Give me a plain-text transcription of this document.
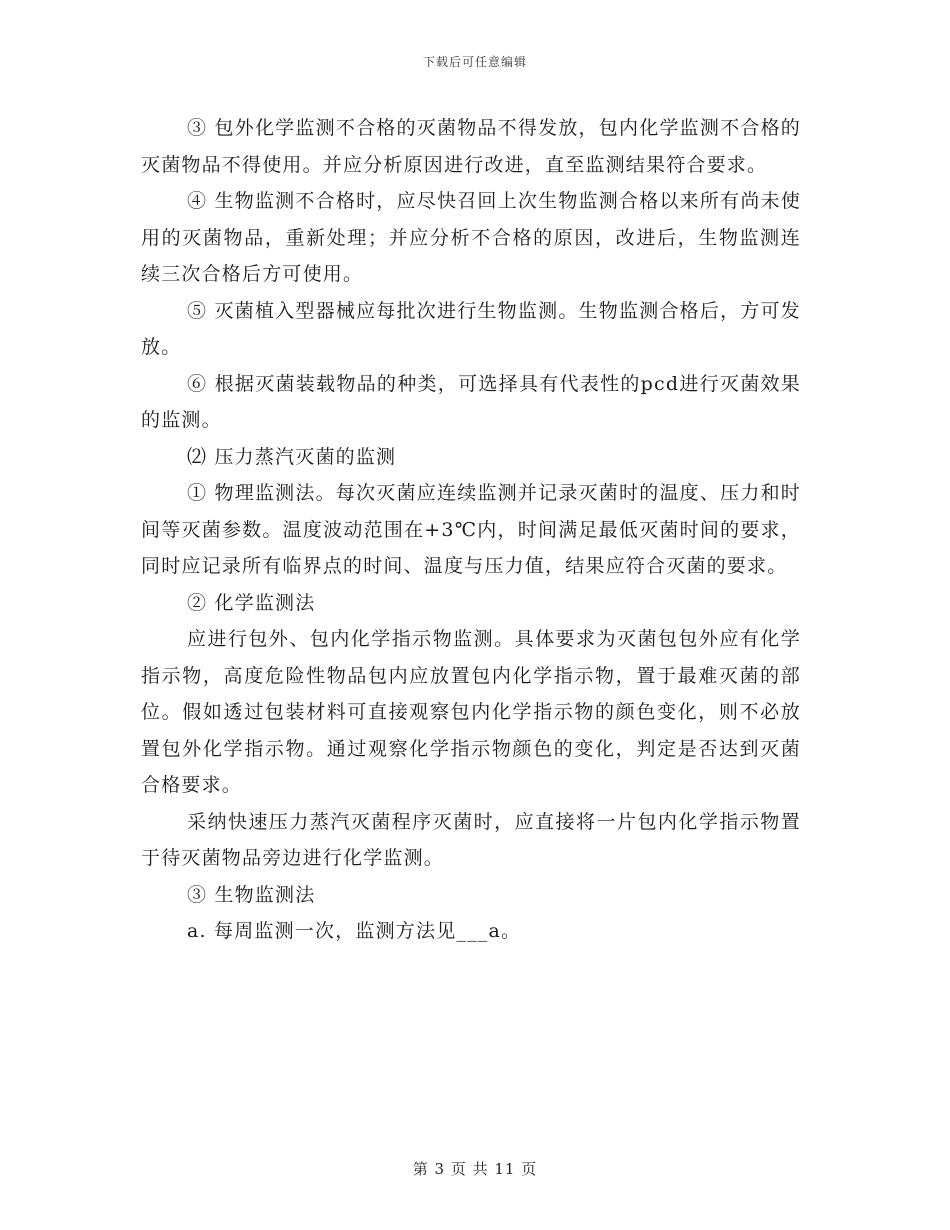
下载后可任意编辑

③ 包外化学监测不合格的灭菌物品不得发放，包内化学监测不合格的灭菌物品不得使用。并应分析原因进行改进，直至监测结果符合要求。

④ 生物监测不合格时，应尽快召回上次生物监测合格以来所有尚未使用的灭菌物品，重新处理；并应分析不合格的原因，改进后，生物监测连续三次合格后方可使用。

⑤ 灭菌植入型器械应每批次进行生物监测。生物监测合格后，方可发放。

⑥ 根据灭菌装载物品的种类，可选择具有代表性的pcd进行灭菌效果的监测。

⑵ 压力蒸汽灭菌的监测

① 物理监测法。每次灭菌应连续监测并记录灭菌时的温度、压力和时间等灭菌参数。温度波动范围在+3℃内，时间满足最低灭菌时间的要求，同时应记录所有临界点的时间、温度与压力值，结果应符合灭菌的要求。

② 化学监测法

应进行包外、包内化学指示物监测。具体要求为灭菌包包外应有化学指示物，高度危险性物品包内应放置包内化学指示物，置于最难灭菌的部位。假如透过包装材料可直接观察包内化学指示物的颜色变化，则不必放置包外化学指示物。通过观察化学指示物颜色的变化，判定是否达到灭菌合格要求。

采纳快速压力蒸汽灭菌程序灭菌时，应直接将一片包内化学指示物置于待灭菌物品旁边进行化学监测。

③ 生物监测法

a. 每周监测一次，监测方法见___a。

第 3 页 共 11 页
